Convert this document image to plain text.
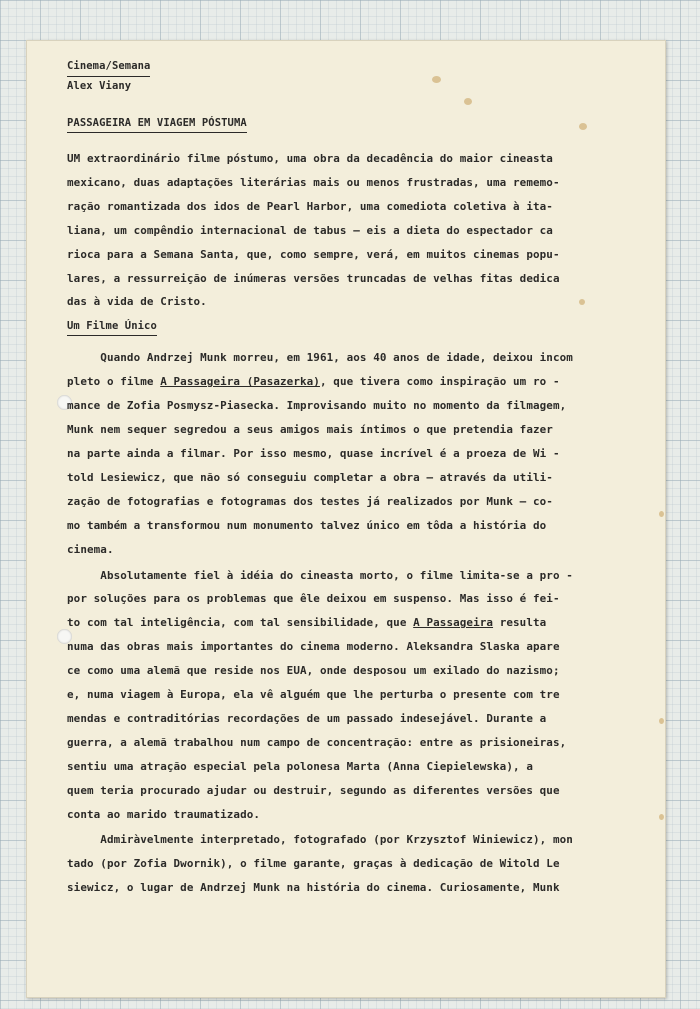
Cinema/Semana
Alex Viany
PASSAGEIRA EM VIAGEM PÓSTUMA

UM extraordinário filme póstumo, uma obra da decadência do maior cineasta

mexicano, duas adaptações literárias mais ou menos frustradas, uma rememo-

ração romantizada dos idos de Pearl Harbor, uma comediota coletiva à ita-

liana, um compêndio internacional de tabus — eis a dieta do espectador ca

rioca para a Semana Santa, que, como sempre, verá, em muitos cinemas popu-

lares, a ressurreição de inúmeras versões truncadas de velhas fitas dedica

das à vida de Cristo.

Um Filme Único

Quando Andrzej Munk morreu, em 1961, aos 40 anos de idade, deixou incom

pleto o filme A Passageira (Pasazerka), que tivera como inspiração um ro -

mance de Zofia Posmysz-Piasecka. Improvisando muito no momento da filmagem,

Munk nem sequer segredou a seus amigos mais íntimos o que pretendia fazer

na parte ainda a filmar. Por isso mesmo, quase incrível é a proeza de Wi -

told Lesiewicz, que não só conseguiu completar a obra — através da utili-

zação de fotografias e fotogramas dos testes já realizados por Munk — co-

mo também a transformou num monumento talvez único em tôda a história do

cinema.

Absolutamente fiel à idéia do cineasta morto, o filme limita-se a pro -

por soluções para os problemas que êle deixou em suspenso. Mas isso é fei-

to com tal inteligência, com tal sensibilidade, que A Passageira resulta

numa das obras mais importantes do cinema moderno. Aleksandra Slaska apare

ce como uma alemã que reside nos EUA, onde desposou um exilado do nazismo;

e, numa viagem à Europa, ela vê alguém que lhe perturba o presente com tre

mendas e contraditórias recordações de um passado indesejável. Durante a

guerra, a alemã trabalhou num campo de concentração: entre as prisioneiras,

sentiu uma atração especial pela polonesa Marta (Anna Ciepielewska), a

quem teria procurado ajudar ou destruir, segundo as diferentes versões que

conta ao marido traumatizado.

Admiràvelmente interpretado, fotografado (por Krzysztof Winiewicz), mon

tado (por Zofia Dwornik), o filme garante, graças à dedicação de Witold Le

siewicz, o lugar de Andrzej Munk na história do cinema. Curiosamente, Munk
